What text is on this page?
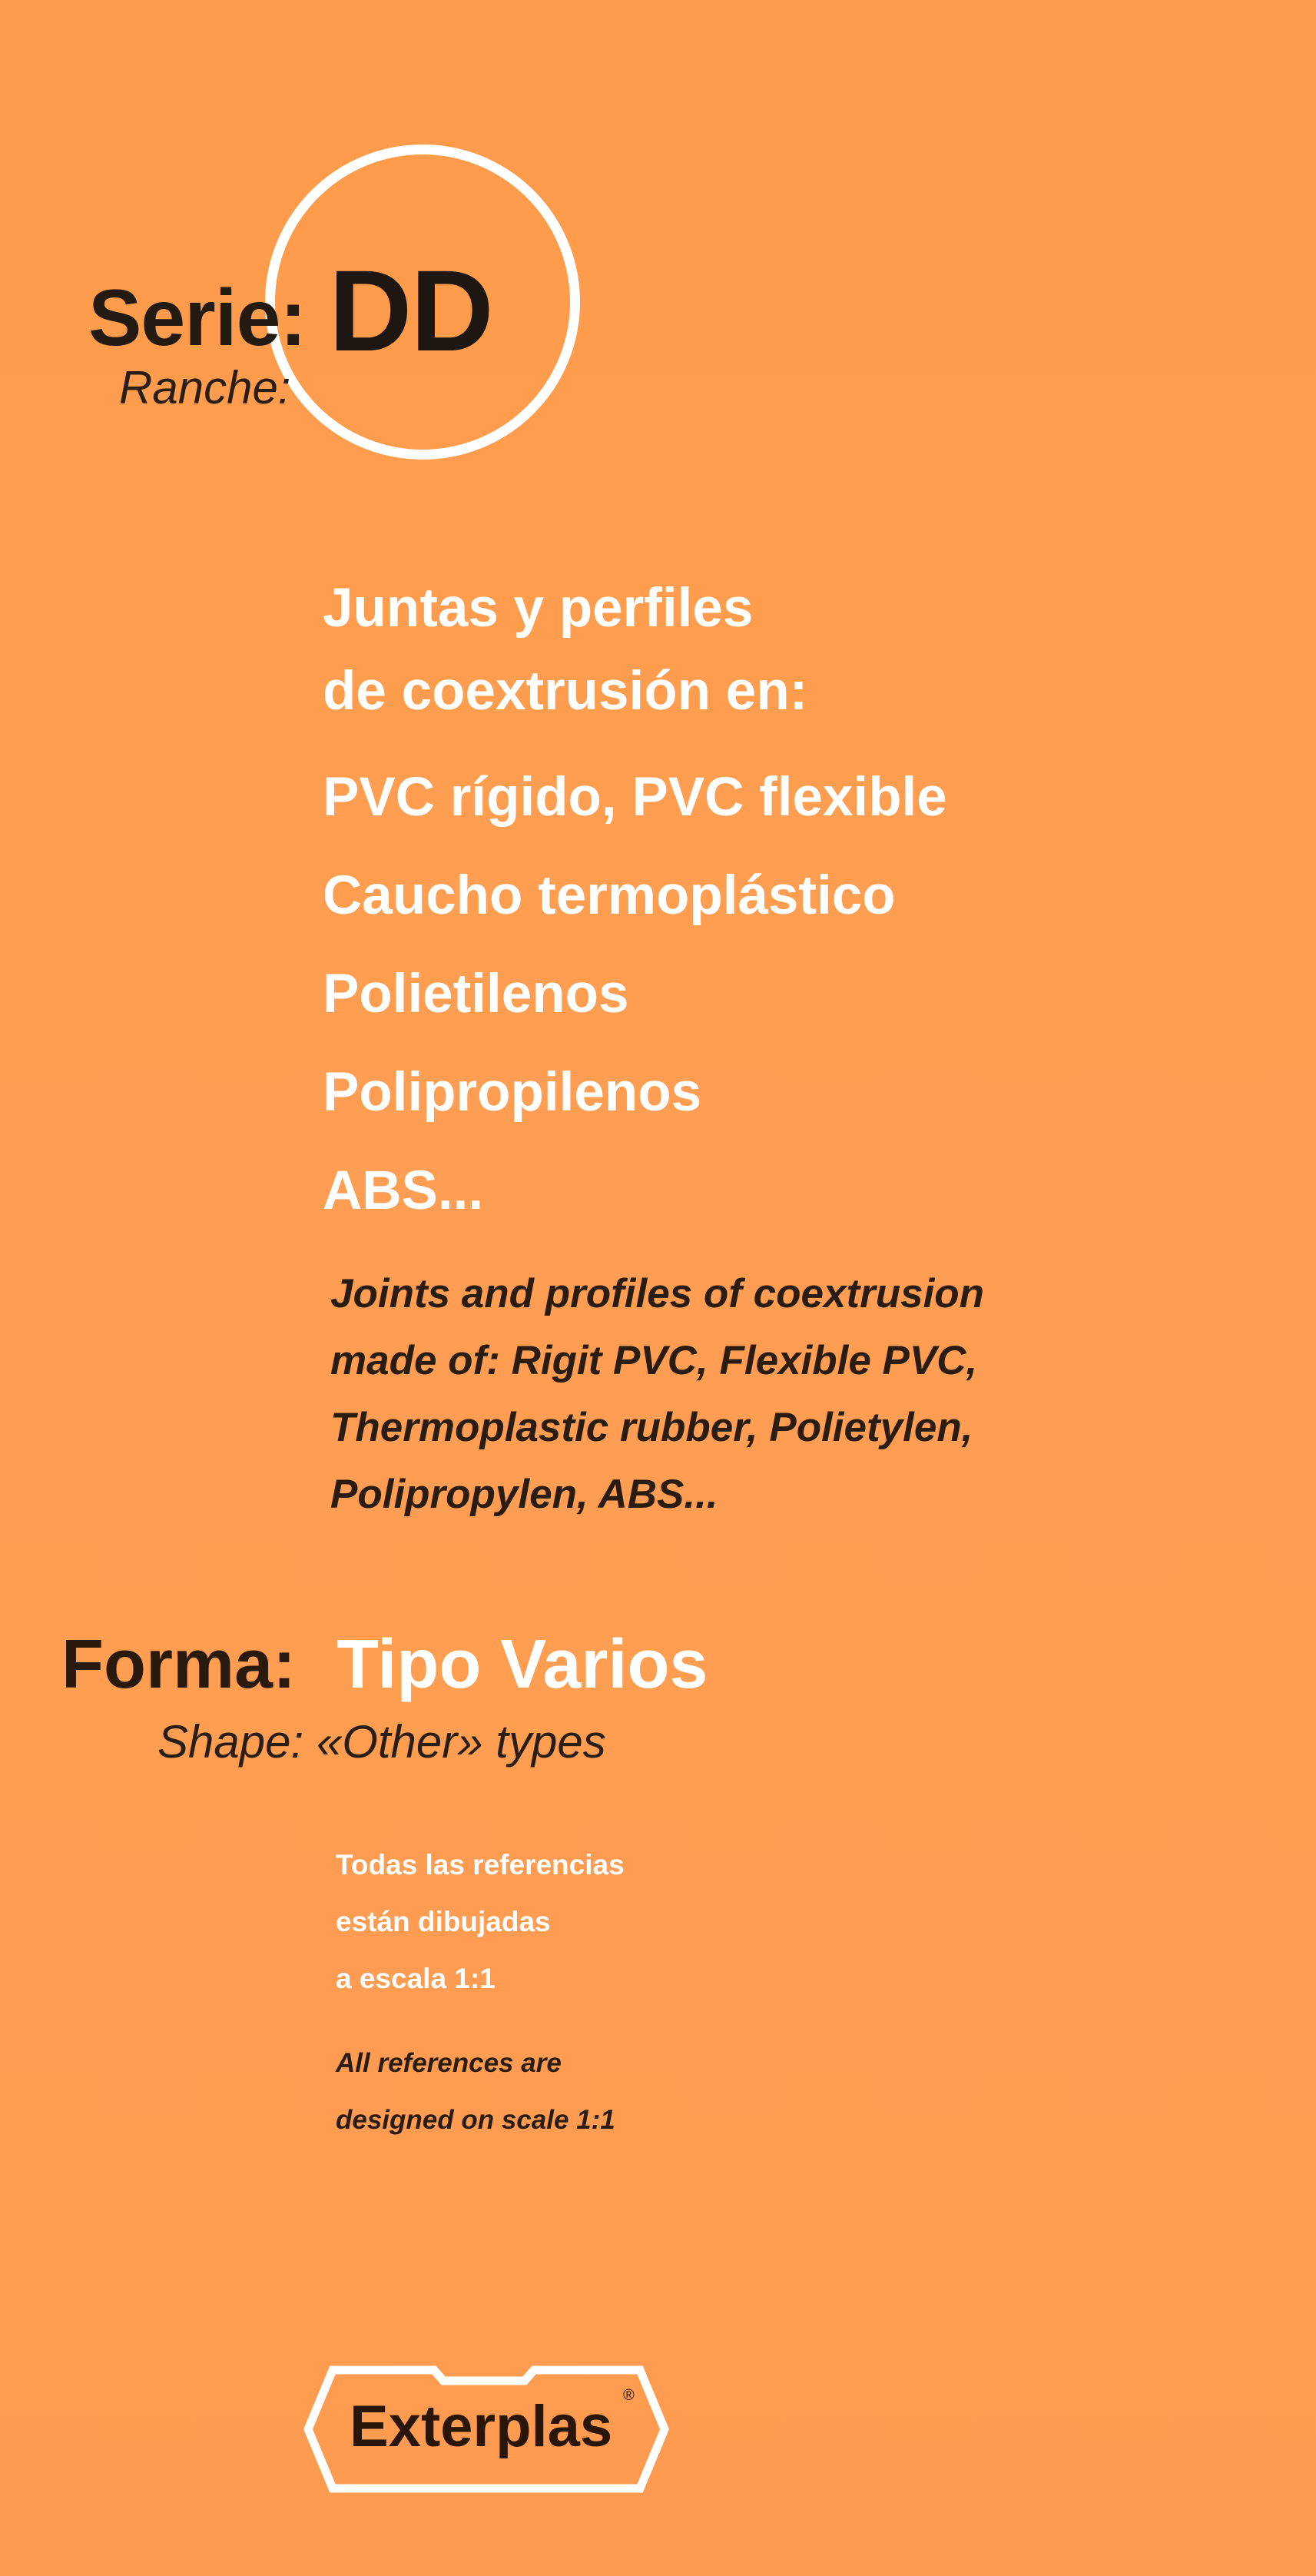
Serie: DD
Ranche:
Juntas y perfiles
de coextrusión en:
PVC rígido, PVC flexible
Caucho termoplástico
Polietilenos
Polipropilenos
ABS...
Joints and profiles of coextrusion
made of: Rigit PVC, Flexible PVC,
Thermoplastic rubber, Polietylen,
Polipropylen, ABS...
Forma: Tipo Varios
Shape: «Other» types
Todas las referencias
están dibujadas
a escala 1:1
All references are
designed on scale 1:1
Exterplas ®
